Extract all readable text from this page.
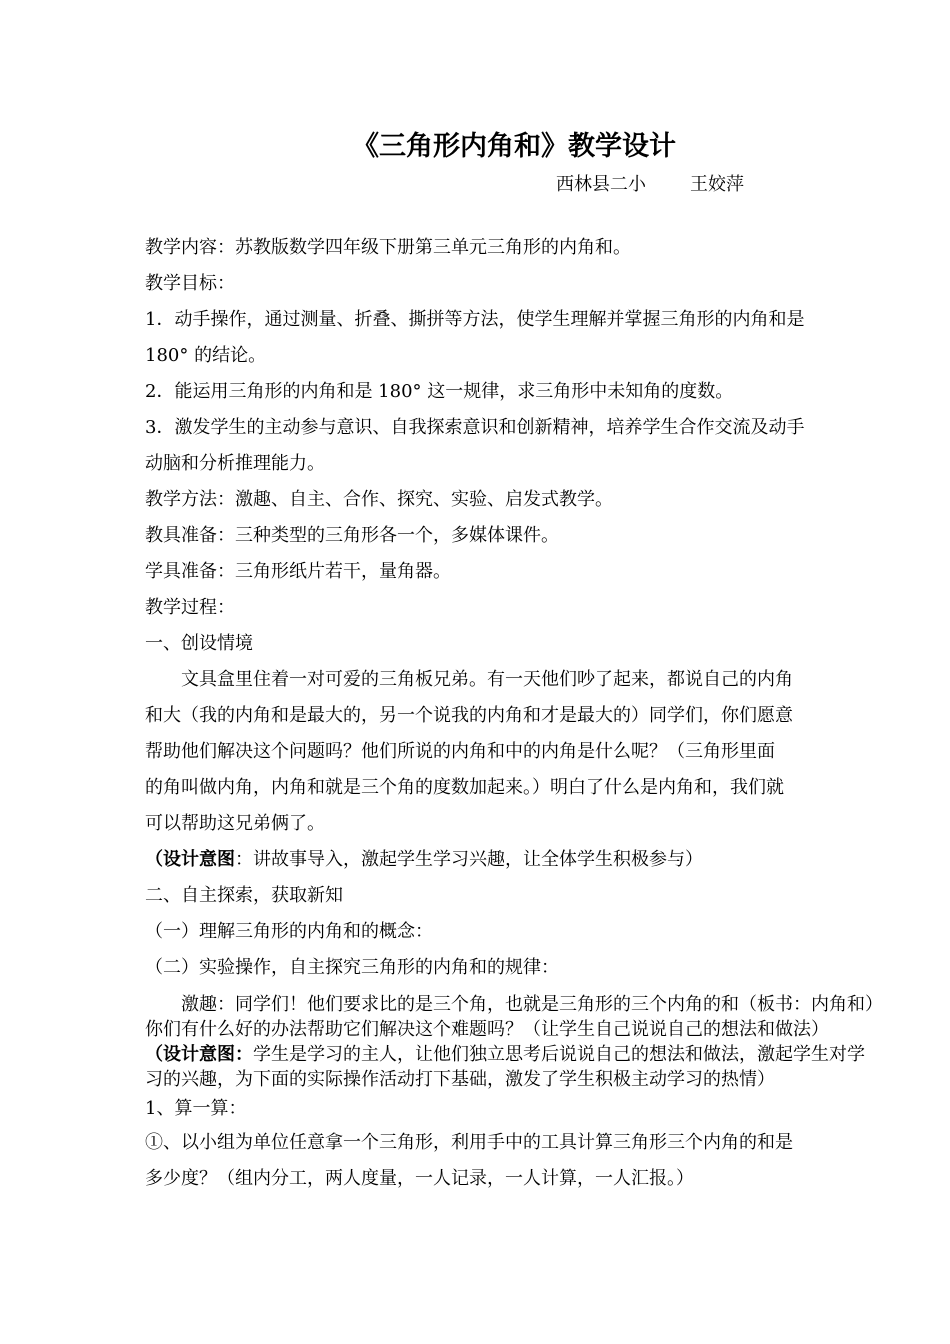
《三角形内角和》教学设计
西林县二小 王姣萍

教学内容：苏教版数学四年级下册第三单元三角形的内角和。

教学目标：

1．动手操作，通过测量、折叠、撕拼等方法，使学生理解并掌握三角形的内角和是

180° 的结论。

2．能运用三角形的内角和是 180° 这一规律，求三角形中未知角的度数。

3．激发学生的主动参与意识、自我探索意识和创新精神，培养学生合作交流及动手

动脑和分析推理能力。

教学方法：激趣、自主、合作、探究、实验、启发式教学。

教具准备：三种类型的三角形各一个，多媒体课件。

学具准备：三角形纸片若干，量角器。

教学过程：

一、创设情境

文具盒里住着一对可爱的三角板兄弟。有一天他们吵了起来，都说自己的内角

和大（我的内角和是最大的，另一个说我的内角和才是最大的）同学们，你们愿意

帮助他们解决这个问题吗？他们所说的内角和中的内角是什么呢？（三角形里面

的角叫做内角，内角和就是三个角的度数加起来。）明白了什么是内角和，我们就

可以帮助这兄弟俩了。

（设计意图：讲故事导入，激起学生学习兴趣，让全体学生积极参与）

二、自主探索，获取新知

（一）理解三角形的内角和的概念：

（二）实验操作，自主探究三角形的内角和的规律：

激趣：同学们！他们要求比的是三个角，也就是三角形的三个内角的和（板书：内角和）你们有什么好的办法帮助它们解决这个难题吗？（让学生自己说说自己的想法和做法）

（设计意图：学生是学习的主人，让他们独立思考后说说自己的想法和做法，激起学生对学习的兴趣，为下面的实际操作活动打下基础，激发了学生积极主动学习的热情）

1、算一算：

①、以小组为单位任意拿一个三角形，利用手中的工具计算三角形三个内角的和是

多少度？（组内分工，两人度量，一人记录，一人计算，一人汇报。）
